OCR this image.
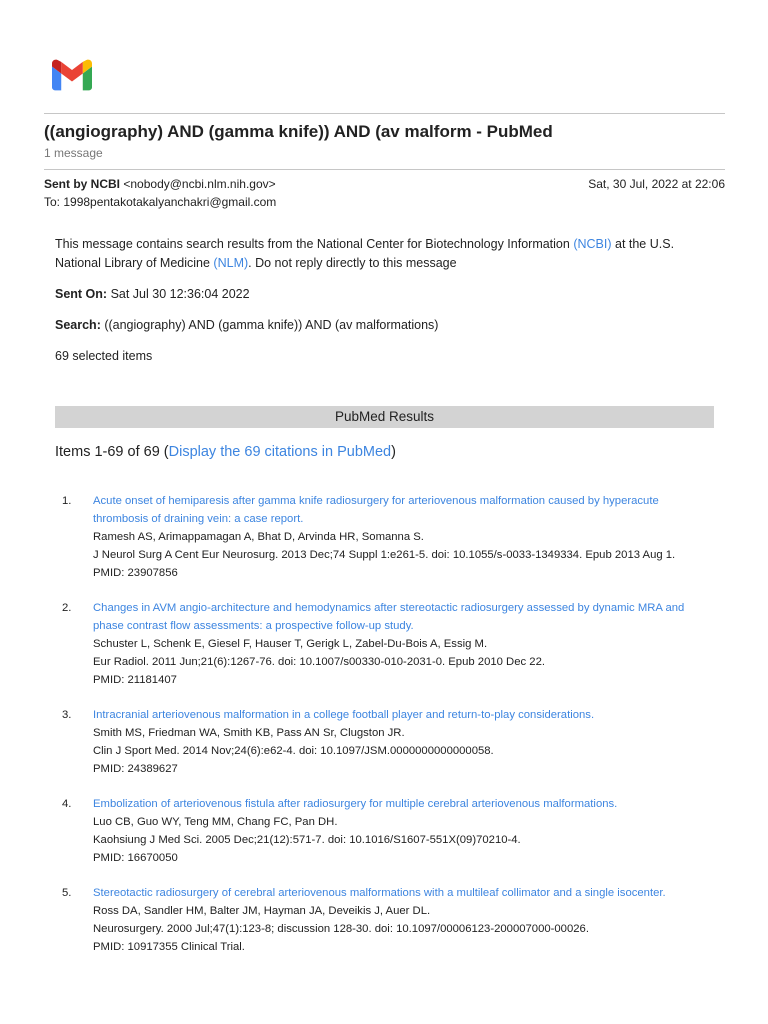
((angiography) AND (gamma knife)) AND (av malform - PubMed
1 message
Sent by NCBI <nobody@ncbi.nlm.nih.gov>	Sat, 30 Jul, 2022 at 22:06
To: 1998pentakotakalyanchakri@gmail.com

This message contains search results from the National Center for Biotechnology Information (NCBI) at the U.S. National Library of Medicine (NLM). Do not reply directly to this message

Sent On: Sat Jul 30 12:36:04 2022

Search: ((angiography) AND (gamma knife)) AND (av malformations)

69 selected items

PubMed Results
Items 1-69 of 69 (Display the 69 citations in PubMed)
1. Acute onset of hemiparesis after gamma knife radiosurgery for arteriovenous malformation caused by hyperacute thrombosis of draining vein: a case report.
Ramesh AS, Arimappamagan A, Bhat D, Arvinda HR, Somanna S.
J Neurol Surg A Cent Eur Neurosurg. 2013 Dec;74 Suppl 1:e261-5. doi: 10.1055/s-0033-1349334. Epub 2013 Aug 1.
PMID: 23907856
2. Changes in AVM angio-architecture and hemodynamics after stereotactic radiosurgery assessed by dynamic MRA and phase contrast flow assessments: a prospective follow-up study.
Schuster L, Schenk E, Giesel F, Hauser T, Gerigk L, Zabel-Du-Bois A, Essig M.
Eur Radiol. 2011 Jun;21(6):1267-76. doi: 10.1007/s00330-010-2031-0. Epub 2010 Dec 22.
PMID: 21181407
3. Intracranial arteriovenous malformation in a college football player and return-to-play considerations.
Smith MS, Friedman WA, Smith KB, Pass AN Sr, Clugston JR.
Clin J Sport Med. 2014 Nov;24(6):e62-4. doi: 10.1097/JSM.0000000000000058.
PMID: 24389627
4. Embolization of arteriovenous fistula after radiosurgery for multiple cerebral arteriovenous malformations.
Luo CB, Guo WY, Teng MM, Chang FC, Pan DH.
Kaohsiung J Med Sci. 2005 Dec;21(12):571-7. doi: 10.1016/S1607-551X(09)70210-4.
PMID: 16670050
5. Stereotactic radiosurgery of cerebral arteriovenous malformations with a multileaf collimator and a single isocenter.
Ross DA, Sandler HM, Balter JM, Hayman JA, Deveikis J, Auer DL.
Neurosurgery. 2000 Jul;47(1):123-8; discussion 128-30. doi: 10.1097/00006123-200007000-00026.
PMID: 10917355 Clinical Trial.
